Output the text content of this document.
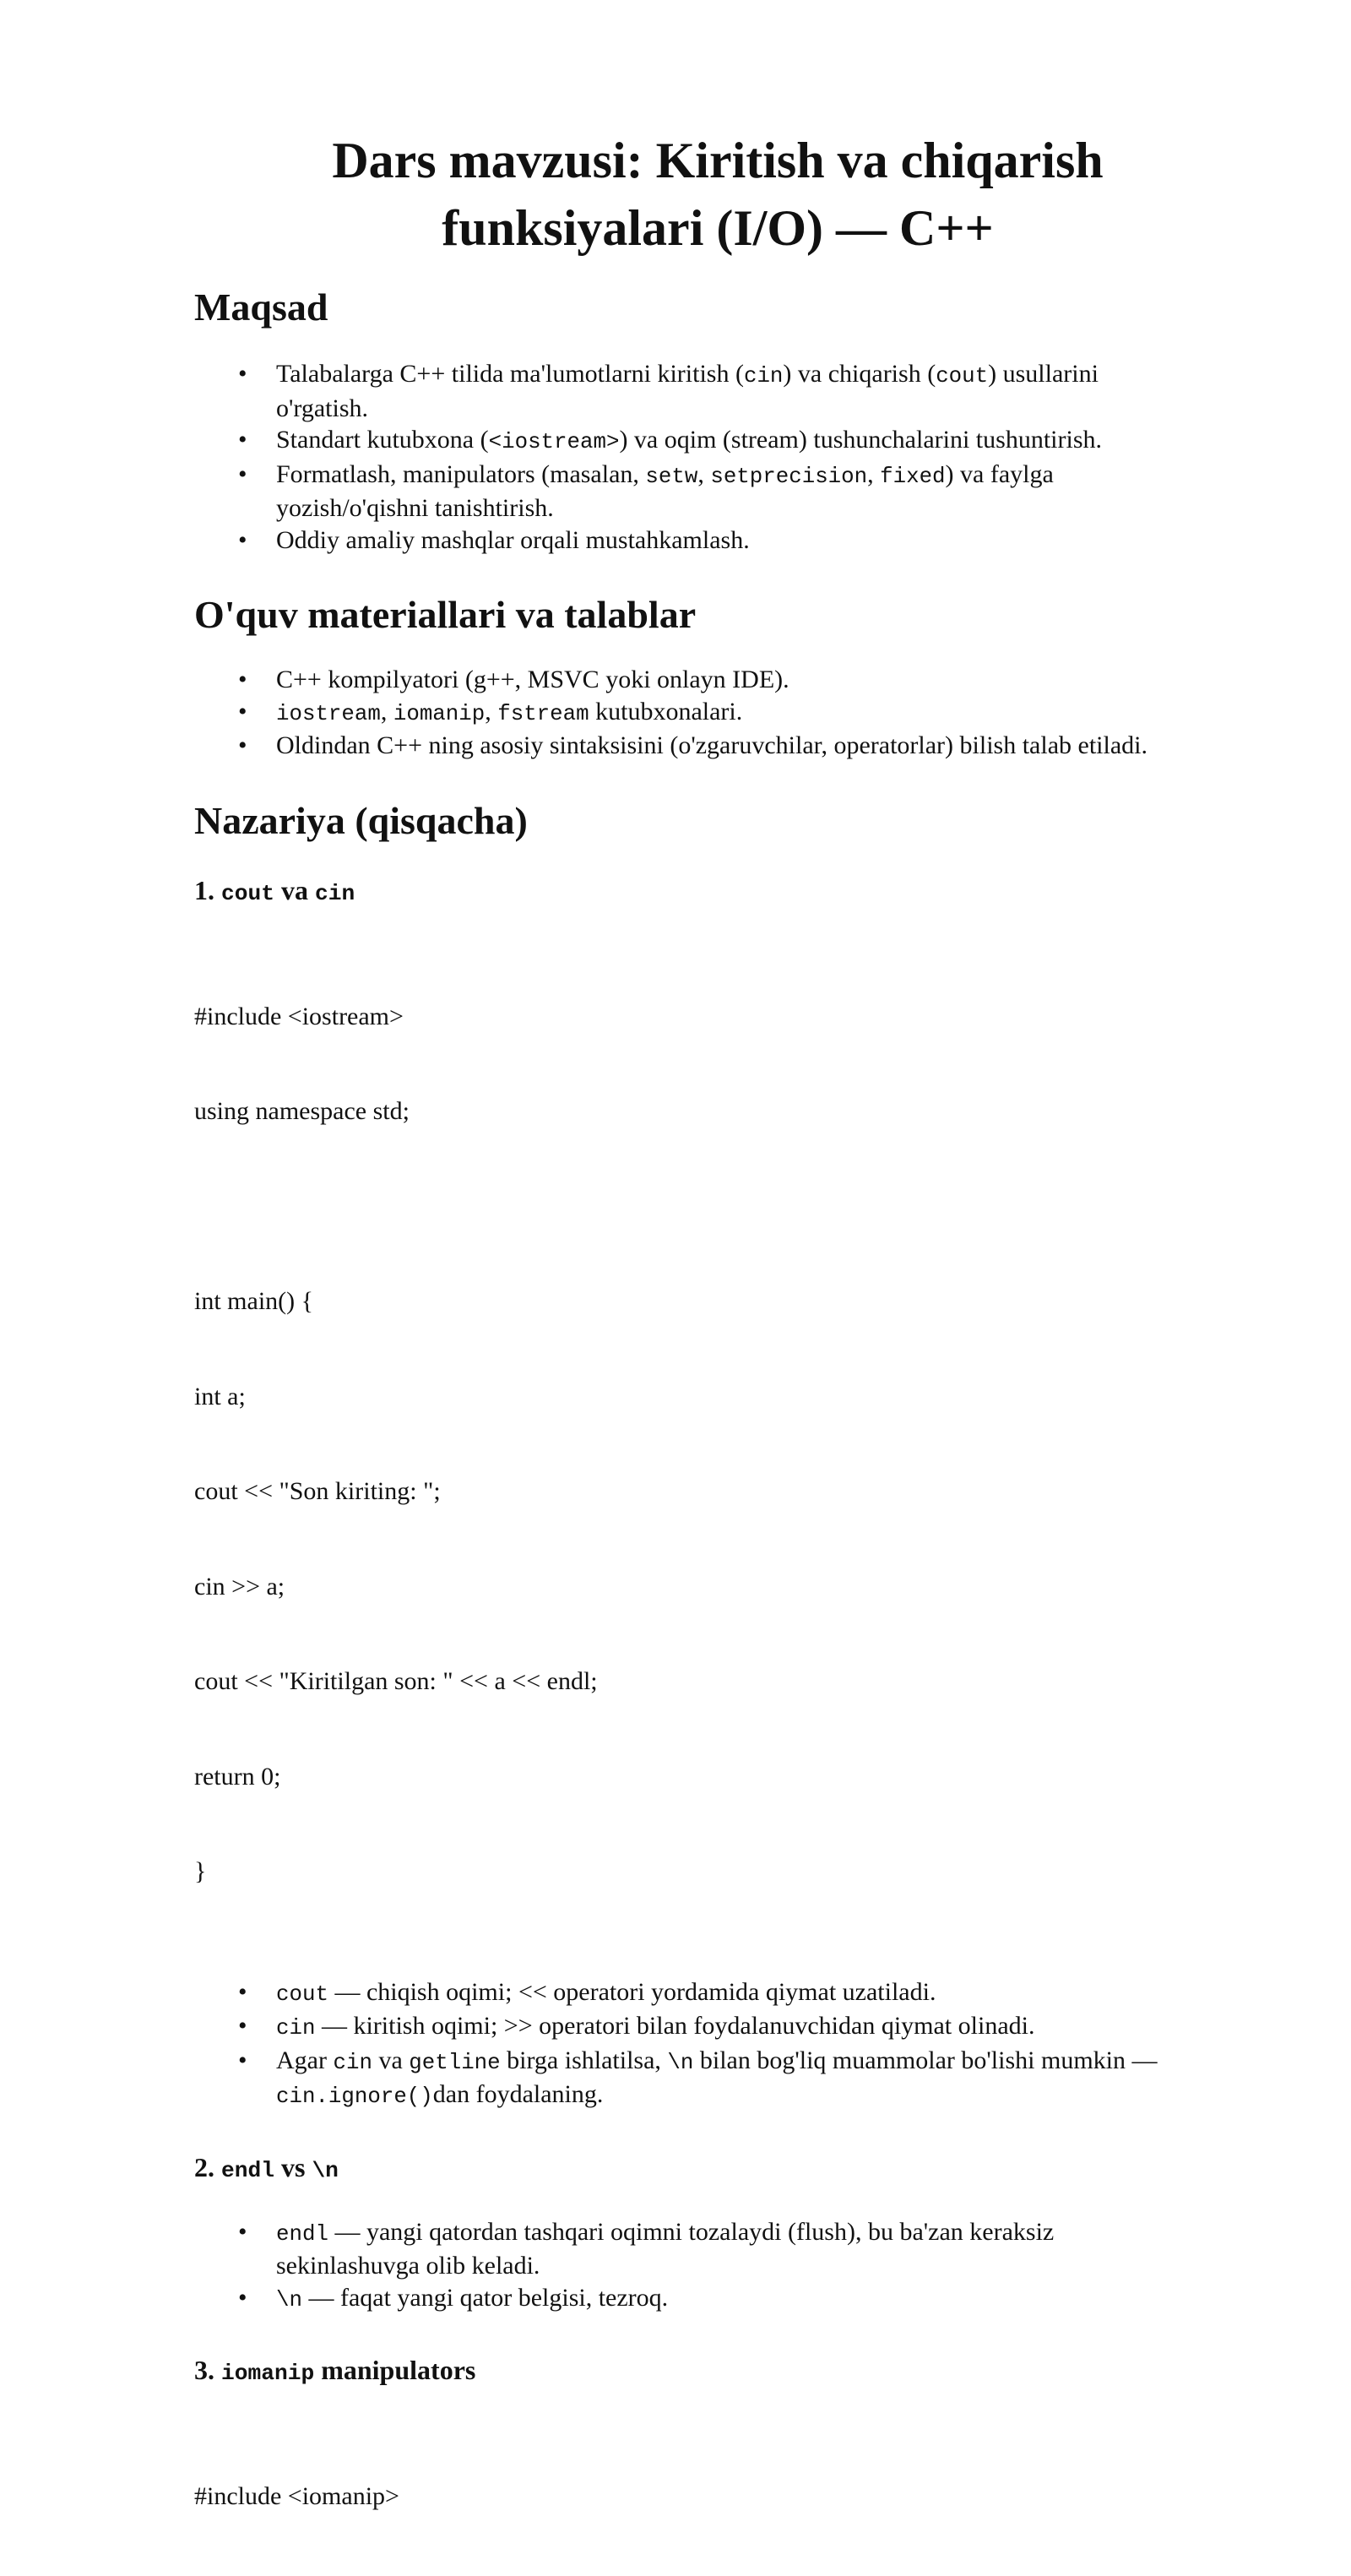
Dars mavzusi: Kiritish va chiqarish
funksiyalari (I/O) — C++
Maqsad
• Talabalarga C++ tilida ma'lumotlarni kiritish (cin) va chiqarish (cout) usullarini
o'rgatish.
• Standart kutubxona (<iostream>) va oqim (stream) tushunchalarini tushuntirish.
• Formatlash, manipulators (masalan, setw, setprecision, fixed) va faylga
yozish/o'qishni tanishtirish.
• Oddiy amaliy mashqlar orqali mustahkamlash.
O'quv materiallari va talablar
• C++ kompilyatori (g++, MSVC yoki onlayn IDE).
• iostream, iomanip, fstream kutubxonalari.
• Oldindan C++ ning asosiy sintaksisini (o'zgaruvchilar, operatorlar) bilish talab etiladi.
Nazariya (qisqacha)
1. cout va cin

#include <iostream>

using namespace std;

int main() {

int a;

cout << "Son kiriting: ";

cin >> a;

cout << "Kiritilgan son: " << a << endl;

return 0;

}

• cout — chiqish oqimi; << operatori yordamida qiymat uzatiladi.
• cin — kiritish oqimi; >> operatori bilan foydalanuvchidan qiymat olinadi.
• Agar cin va getline birga ishlatilsa, \n bilan bog'liq muammolar bo'lishi mumkin —
cin.ignore()dan foydalaning.
2. endl vs \n
• endl — yangi qatordan tashqari oqimni tozalaydi (flush), bu ba'zan keraksiz
sekinlashuvga olib keladi.
• \n — faqat yangi qator belgisi, tezroq.
3. iomanip manipulators

#include <iomanip>
